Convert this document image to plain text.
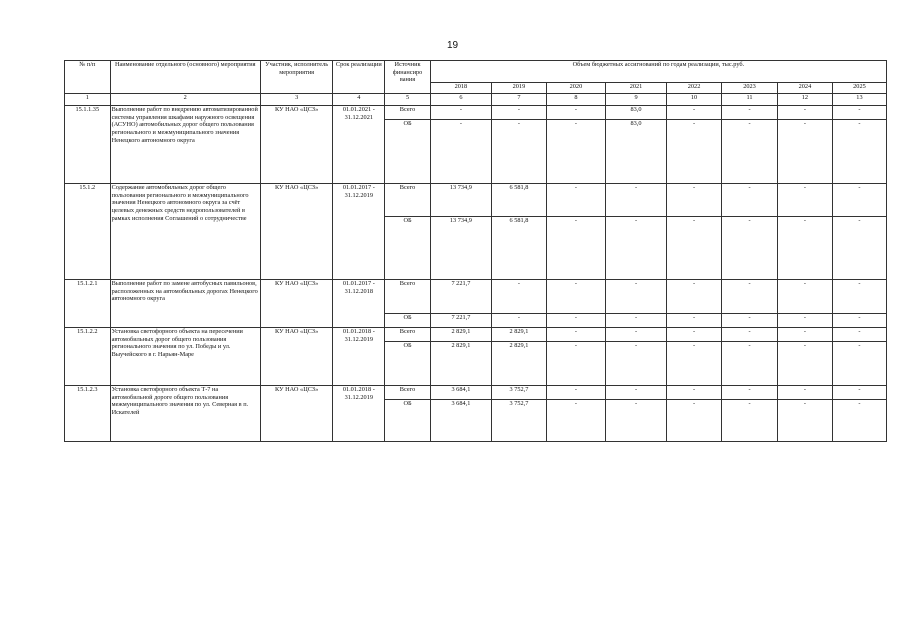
19
№ п/п	Наименование отдельного (основного) мероприятия	Участник, исполнитель мероприятия	Срок реализации	Источник финансиро вания	Объем бюджетных ассигнований по годам реализации, тыс.руб.							
					2018	2019	2020	2021	2022	2023	2024	2025
1	2	3	4	5	6	7	8	9	10	11	12	13
15.1.1.35	Выполнение работ по внедрению автоматизированной системы управления шкафами наружного освещения (АСУНО) автомобильных дорог общего пользования регионального и межмуниципального значения Ненецкого автономного округа	КУ НАО «ЦСЗ»	01.01.2021 - 31.12.2021	Всего	-	-	-	83,0	-	-	-	-
				ОБ	-	-	-	83,0	-	-	-	-
15.1.2	Содержание автомобильных дорог общего пользования регионального и межмуниципального значения Ненецкого автономного округа за счёт целевых денежных средств недропользователей в рамках исполнения Соглашений о сотрудничестве	КУ НАО «ЦСЗ»	01.01.2017 - 31.12.2019	Всего	13 734,9	6 581,8	-	-	-	-	-	-
				ОБ	13 734,9	6 581,8	-	-	-	-	-	-
15.1.2.1	Выполнение работ по замене автобусных павильонов, расположенных на автомобильных дорогах Ненецкого автономного округа	КУ НАО «ЦСЗ»	01.01.2017 - 31.12.2018	Всего	7 221,7	-	-	-	-	-	-	-
				ОБ	7 221,7	-	-	-	-	-	-	-
15.1.2.2	Установка светофорного объекта на пересечении автомобильных дорог общего пользования регионального значения по ул. Победы и ул. Выучейского в г. Нарьян-Маре	КУ НАО «ЦСЗ»	01.01.2018 - 31.12.2019	Всего	2 829,1	2 829,1	-	-	-	-	-	-
				ОБ	2 829,1	2 829,1	-	-	-	-	-	-
15.1.2.3	Установка светофорного объекта Т-7 на автомобильной дороге общего пользования межмуниципального значения по ул. Северная в п. Искателей	КУ НАО «ЦСЗ»	01.01.2018 - 31.12.2019	Всего	3 684,1	3 752,7	-	-	-	-	-	-
				ОБ	3 684,1	3 752,7	-	-	-	-	-	-
